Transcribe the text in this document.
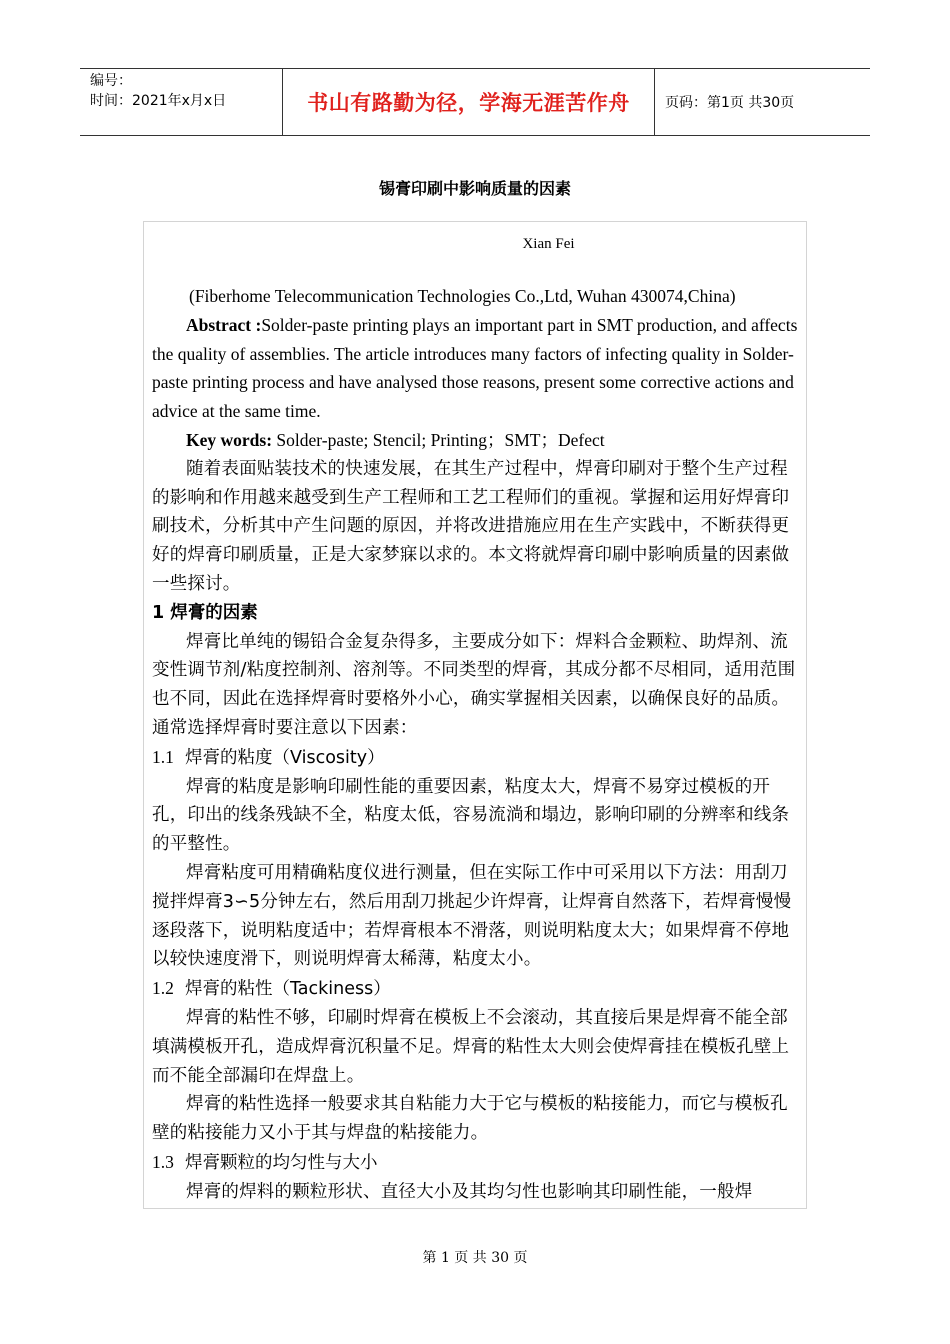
编号：
时间：2021年x月x日	书山有路勤为径，学海无涯苦作舟	页码：第1页 共30页
锡膏印刷中影响质量的因素
Xian Fei

(Fiberhome Telecommunication Technologies Co.,Ltd, Wuhan 430074,China)

Abstract :Solder-paste printing plays an important part in SMT production, and affects the quality of assemblies. The article introduces many factors of infecting quality in Solder-paste printing process and have analysed those reasons, present some corrective actions and advice at the same time.

Key words: Solder-paste; Stencil; Printing；SMT；Defect

随着表面贴装技术的快速发展，在其生产过程中，焊膏印刷对于整个生产过程的影响和作用越来越受到生产工程师和工艺工程师们的重视。掌握和运用好焊膏印刷技术，分析其中产生问题的原因，并将改进措施应用在生产实践中，不断获得更好的焊膏印刷质量，正是大家梦寐以求的。本文将就焊膏印刷中影响质量的因素做一些探讨。

1 焊膏的因素

焊膏比单纯的锡铅合金复杂得多，主要成分如下：焊料合金颗粒、助焊剂、流变性调节剂/粘度控制剂、溶剂等。不同类型的焊膏，其成分都不尽相同，适用范围也不同，因此在选择焊膏时要格外小心，确实掌握相关因素，以确保良好的品质。通常选择焊膏时要注意以下因素：

1.1 焊膏的粘度（Viscosity）

焊膏的粘度是影响印刷性能的重要因素，粘度太大，焊膏不易穿过模板的开孔，印出的线条残缺不全，粘度太低，容易流淌和塌边，影响印刷的分辨率和线条的平整性。

焊膏粘度可用精确粘度仪进行测量，但在实际工作中可采用以下方法：用刮刀搅拌焊膏3∽5分钟左右，然后用刮刀挑起少许焊膏，让焊膏自然落下，若焊膏慢慢逐段落下，说明粘度适中；若焊膏根本不滑落，则说明粘度太大；如果焊膏不停地以较快速度滑下，则说明焊膏太稀薄，粘度太小。

1.2 焊膏的粘性（Tackiness）

焊膏的粘性不够，印刷时焊膏在模板上不会滚动，其直接后果是焊膏不能全部填满模板开孔，造成焊膏沉积量不足。焊膏的粘性太大则会使焊膏挂在模板孔壁上而不能全部漏印在焊盘上。

焊膏的粘性选择一般要求其自粘能力大于它与模板的粘接能力，而它与模板孔壁的粘接能力又小于其与焊盘的粘接能力。

1.3 焊膏颗粒的均匀性与大小

焊膏的焊料的颗粒形状、直径大小及其均匀性也影响其印刷性能，一般焊

第 1 页 共 30 页
